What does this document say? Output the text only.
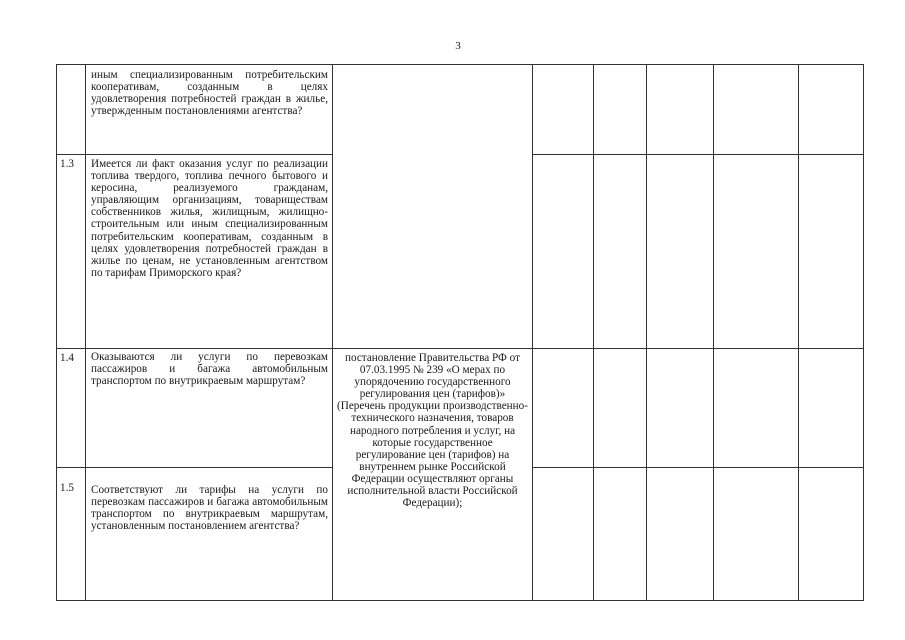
3
	иным специализированным потребительским кооперативам, созданным в целях удовлетворения потребностей граждан в жилье, утвержденным постановлениями агентства?						
1.3	Имеется ли факт оказания услуг по реализации топлива твердого, топлива печного бытового и керосина, реализуемого гражданам, управляющим организациям, товариществам собственников жилья, жилищным, жилищно-строительным или иным специализированным потребительским кооперативам, созданным в целях удовлетворения потребностей граждан в жилье по ценам, не установленным агентством по тарифам Приморского края?						
1.4	Оказываются ли услуги по перевозкам пассажиров и багажа автомобильным транспортом по внутрикраевым маршрутам?	постановление Правительства РФ от 07.03.1995 № 239 «О мерах по упорядочению государственного регулирования цен (тарифов)» (Перечень продукции производственно-технического назначения, товаров народного потребления и услуг, на которые государственное регулирование цен (тарифов) на внутреннем рынке Российской Федерации осуществляют органы исполнительной власти Российской Федерации);					
1.5	Соответствуют ли тарифы на услуги по перевозкам пассажиров и багажа автомобильным транспортом по внутрикраевым маршрутам, установленным постановлением агентства?						
